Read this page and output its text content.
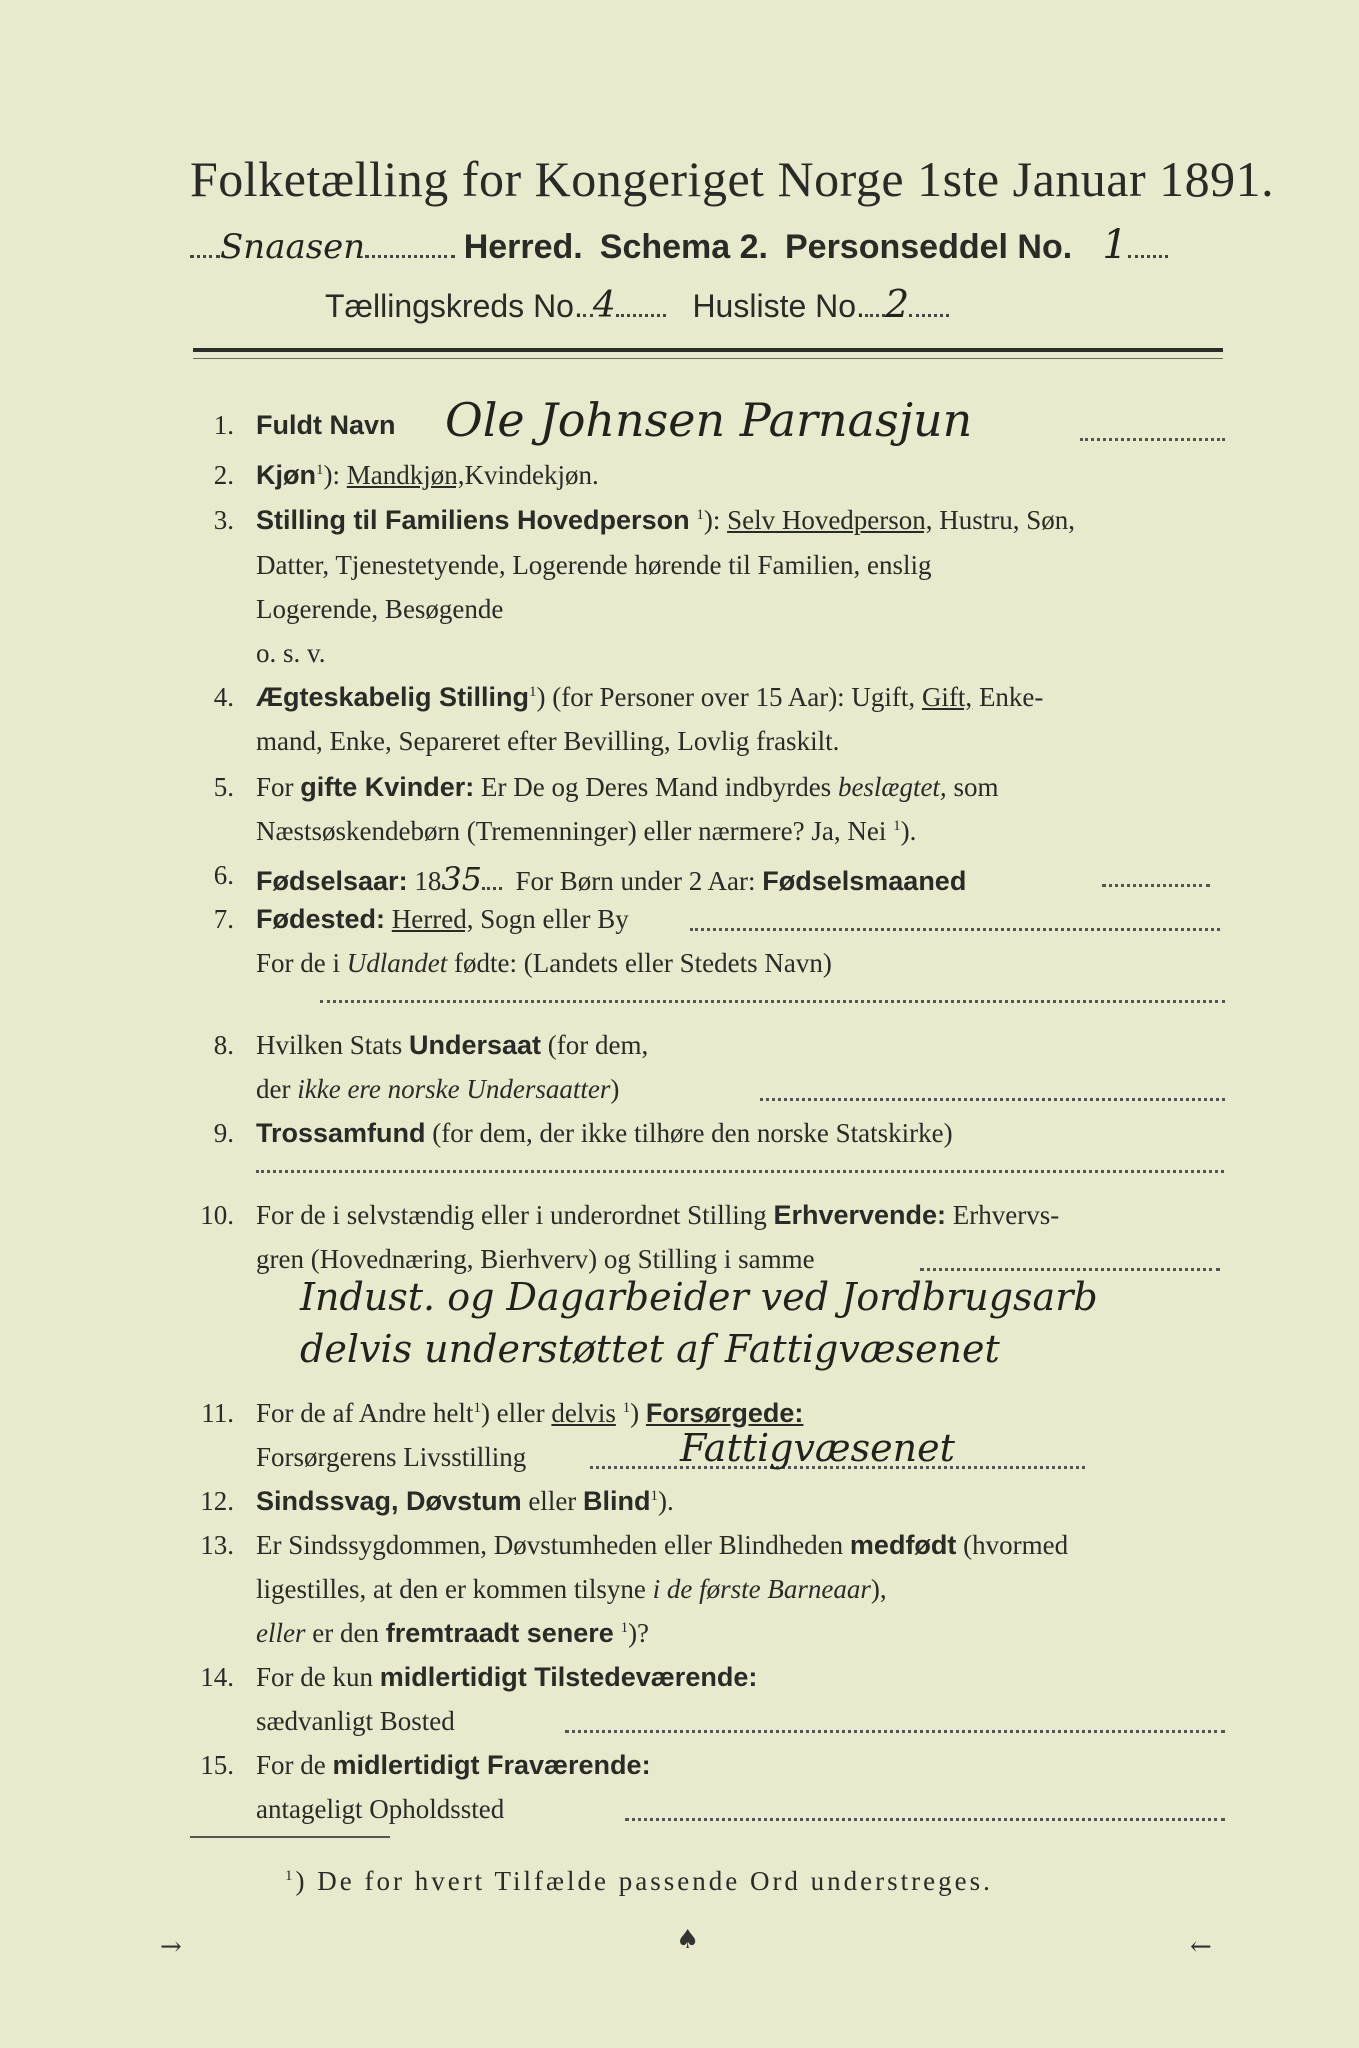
Folketælling for Kongeriget Norge 1ste Januar 1891.
Snaasen	Herred. Schema 2. Personseddel No. 1
Tællingskreds No. 4 Husliste No. 2
1. Fuldt Navn Ole Johnsen Parnasjun
2. Kjøn$^1$): Mandkjøn,Kvindekjøn.
3. Stilling til Familiens Hovedperson $^1$): Selv Hovedperson, Hustru, Søn,
Datter, Tjenestetyende, Logerende hørende til Familien, enslig
Logerende, Besøgende
o. s. v.
4. Ægteskabelig Stilling$^1$) (for Personer over 15 Aar): Ugift, Gift, Enke-
mand, Enke, Separeret efter Bevilling, Lovlig fraskilt.
5. For gifte Kvinder: Er De og Deres Mand indbyrdes beslægtet, som
Næstsøskendebørn (Tremenninger) eller nærmere? Ja, Nei $^1$).
6. Fødselsaar: 1835 For Børn under 2 Aar: Fødselsmaaned
7. Fødested: Herred, Sogn eller By
For de i Udlandet fødte: (Landets eller Stedets Navn)
8. Hvilken Stats Undersaat (for dem,
der ikke ere norske Undersaatter)
9. Trossamfund (for dem, der ikke tilhøre den norske Statskirke)
10. For de i selvstændig eller i underordnet Stilling Erhvervende: Erhvervs-
gren (Hovednæring, Bierhverv) og Stilling i samme
Indust. og Dagarbeider ved Jordbrugsarb
delvis understøttet af Fattigvæsenet
11. For de af Andre helt$^1$) eller delvis $^1$) Forsørgede:
Forsørgerens Livsstilling	Fattigvæsenet
12. Sindssvag, Døvstum eller Blind$^1$).
13. Er Sindssygdommen, Døvstumheden eller Blindheden medfødt (hvormed
ligestilles, at den er kommen tilsyne i de første Barneaar),
eller er den fremtraadt senere $^1$)?
14. For de kun midlertidigt Tilstedeværende:
sædvanligt Bosted
15. For de midlertidigt Fraværende:
antageligt Opholdssted
$^1$) De for hvert Tilfælde passende Ord understreges.
→	♠	←
